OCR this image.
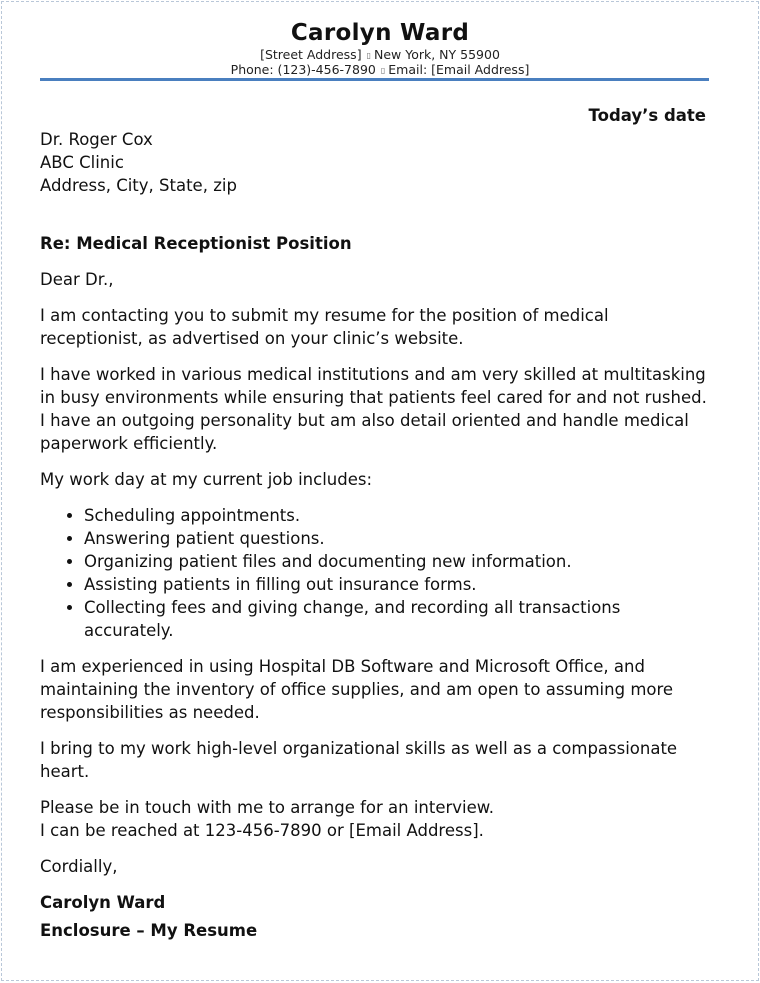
Carolyn Ward
[Street Address] ▯ New York, NY 55900
Phone: (123)-456-7890 ▯ Email: [Email Address]
Today’s date
Dr. Roger Cox
ABC Clinic
Address, City, State, zip
Re: Medical Receptionist Position
Dear Dr.,
I am contacting you to submit my resume for the position of medical receptionist, as advertised on your clinic’s website.
I have worked in various medical institutions and am very skilled at multitasking in busy environments while ensuring that patients feel cared for and not rushed. I have an outgoing personality but am also detail oriented and handle medical paperwork efficiently.
My work day at my current job includes:
• Scheduling appointments.
• Answering patient questions.
• Organizing patient files and documenting new information.
• Assisting patients in filling out insurance forms.
• Collecting fees and giving change, and recording all transactions accurately.
I am experienced in using Hospital DB Software and Microsoft Office, and maintaining the inventory of office supplies, and am open to assuming more responsibilities as needed.
I bring to my work high-level organizational skills as well as a compassionate heart.
Please be in touch with me to arrange for an interview.
I can be reached at 123-456-7890 or [Email Address].
Cordially,
Carolyn Ward
Enclosure – My Resume
